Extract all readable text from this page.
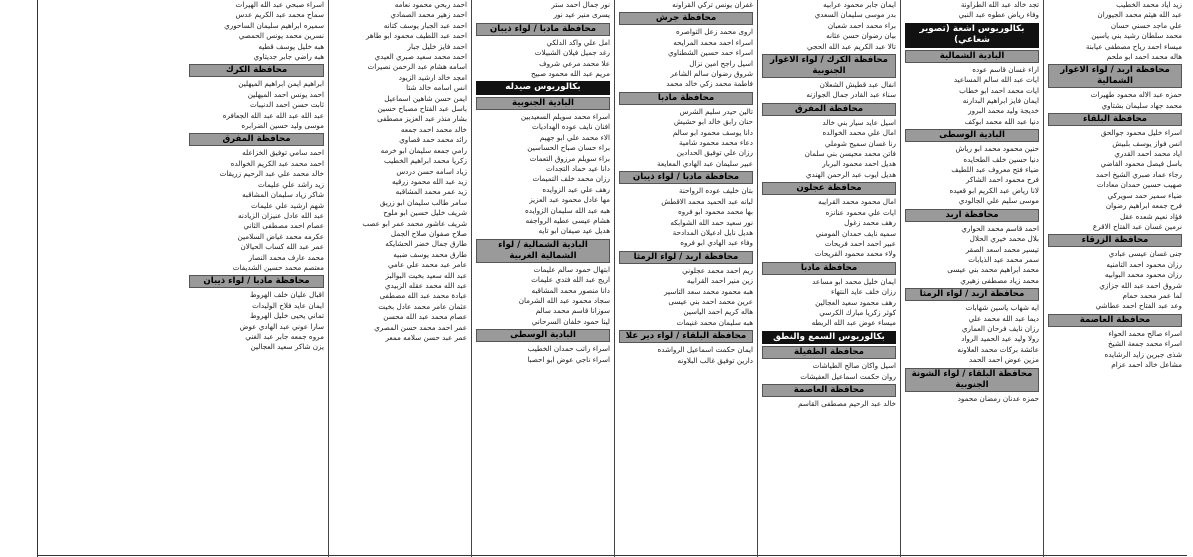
زيد اياد محمد الخطيب
عبد الله هيثم محمد الجيوران
علي ماجد حسني حسان
محمد سلطان رشيد بني ياسين
ميساء احمد رياح مصطفى عيابنة
هاله محمد احمد ابو ملحم
محافظة اربد / لواء الاغوار الشمالية
حمزه عبد الاله محمود طهيرات
محمد جهاد سليمان بشتاوي
محافظة البلقاء
اسراء خليل محمود جوالحق
انس فواز يوسف بلبيش
اياد محمد احمد القدري
باسل فيصل محمود القاضي
رجاء عماد صبري الشيخ احمد
صهيب حسين حمدان معادات
ضياء سمير حمد سويركي
فرح جمعه ابراهيم رضوان
فؤاد نعيم شعده عقل
نرمين غسان عبد الفتاح الاقرع
محافظة الزرقاء
جنى غسان عيسى عبادي
رزان محمود احمد التامنيه
رزان محمود محمد البوابيه
شروق احمد عبد الله جزازي
لما عمر محمد حمام
وعد عبد الفتاح احمد عطاشي
محافظة العاصمة
اسراء صالح محمد الحواء
اسراء محمد جمعة الشيخ
شذى جبرين زايد الرشايده
مشاعل خالد احمد عزام
تجد خالد عبد الله الطراونة
وفاء رياض عطوه عبد النبي
بكالوريوس اشعة (تصوير شعاعي)
البادية الشمالية
اراء غسان قاسم عوده
ايات عبد الله سالم المساعيد
ايات محمد احمد ابو خطاب
ايمان فايز ابراهيم البدارنه
خديجة وليد محمد البرور
دنيا عبد الله محمد ابوكف
البادية الوسطى
حنين محمود محمد ابو رياش
دنيا حسين خلف الطحايده
ضياء فتح معروف عبد اللطيف
فرح محمود احمد الشاكر
لانا رياض عبد الكريم ابو قعيده
موسى سليم علي الجالودي
محافظة اربد
احمد قاسم محمد الحواري
بلال محمد خيري الحلال
تيسير محمد اسعد الصقر
سمر محمد عيد الذيابات
محمد ابراهيم محمد بني عيسى
محمد زياد مصطفى زهيري
محافظة اربد / لواء الرمثا
ايه شهاب ياسين شهابات
ديما عبد الله محمد علي
رزان نايف فرحان العماري
رولا وليد عيد الحميد الرواد
عائشة بركات محمد العلاونه
مزين عوض احمد الحمد
محافظة البلقاء / لواء الشونة الجنوبية
حمزه عدنان رمضان محمود
ايمان جابر محمود عرابيه
بدر موسى سليمان السعدي
براء محمد احمد شعبان
بيان رضوان حسن عثانه
تالا عبد الكريم عبد الله الحجي
محافظة الكرك / لواء الاغوار الجنوبية
انفال عبد قطيش الشعلان
سناء عبد القادر جمال الجوازنه
محافظة المفرق
اسيل عايد سيار بني خالد
امال علي محمد الخوالده
رنا غسان سميح شوملي
فاتن محمد محيسن بني سلمان
هديل احمد محمود البربار
هديل ايوب عبد الرحمن الهندي
محافظة عجلون
امال محمود محمد القرايبه
ايات علي محمود عنانزه
رهف محمد زغول
سميه نايف حمدان المومني
عبير احمد احمد فريحات
ولاء محمد محمود القريحات
محافظة مادبا
ايمان خليل محمد ابو مساعد
رزان خلف عايد النتهاء
رهف محمود سعيد العجالين
كوثر زكريا مبارك الكرسي
ميساء عوض عبد الله الربطه
بكالوريوس السمع والنطق
محافظة الطفيلة
اسيل واكان صالح الطياشات
روان حكمت اسماعيل العفيشات
محافظة العاصمة
خالد عبد الرحيم مصطفى القاسم
غفران يونس تركي القراونه
محافظة جرش
اروى محمد زعل التواصره
اسراء احمد محمد المرايحه
اسراء حمد حسين الشطناوي
اسيل راجح امين نزال
شروق رضوان سالم الشاعر
فاطمة محمد زكي خالد محمد
محافظة مادبا
تالين حيدر سليم الشرس
حنان رابق خالد ابو حشيش
دانا يوسف محمود ابو سالم
دعاء محمد محمود شامية
رزان علي توفيق الحدادين
عبير سليمان عبد الهادي المعايعة
محافظة مادبا / لواء ذيبان
بتان خليف عوده الرواحنة
لبانه عبد الحميد محمد الاقطش
بها محمد محمود ابو فروه
نور سعيد حمد الله الشوابكه
هديل نايل ادعيلان المدادحة
وفاء عبد الهادي ابو فروه
محافظة اربد / لواء الرمثا
ريم احمد محمد عجلوني
زين منير احمد القرابيه
هبه محمود محمد سعد التاسير
عرين محمد احمد بني عيسى
هاله كريم احمد الياسين
هبه سليمان محمد غنيمات
محافظة البلقاء / لواء دير علا
ايمان حكمت اسماعيل الرواشده
دارين توفيق غالب البلاونه
نور جمال احمد ستر
يسرى منير عيد نور
محافظة مادبا / لواء ذيبان
امل علي واكد الدلكي
رغد جميل فيلان الشبيلات
علا محمد مرعي شروف
مريم عبد الله محمود صبيح
بكالوريوس صيدله
البادية الجنوبية
اسراء محمد سويلم السعيديين
افنان نايف عوده الهداديات
الاء محمد علي ابو جهيم
براء حسان صباح الحساسين
براء سويلم مرزوق التعمات
دانا عيد حماد التجدات
رزان محمد خلف التميمات
رهف علي عيد الزوايده
مها عادل محمود عبد العزيز
هبه عبد الله سليمان الزوايده
هشام عيسى عطيه الرواجفه
هديل عيد صيفان ابو تايه
البادية الشمالية / لواء الشمالية الغربية
ابتهال حمود سالم عليمات
اريج عبد الله فتدي عليمات
دانا منصور محمد المشاقبه
سجاد محمود عبد الله الشرمان
سوزانا قاسم محمد سالم
لينا حمود خلفان السرحاني
البادية الوسطى
اسراء راتب حمدان الخطيب
اسراء ناجي عوض ابو احصبا
احمد ربحي محمود نعامه
احمد زهير محمد الصمادي
احمد عبد الجبار يوسف كتانه
احمد عبد اللطيف محمود ابو طاهر
احمد فايز خليل جبار
احمد محمد سعيد صبري العيدي
اسامه هشام عبد الرحمن نصيرات
امجد خالد ارشيد الزيود
انس اسامه خالد شتا
ايمن حسن شاهين اسماعيل
باسل عبد الفتاح مصباح حسين
بشار منذر عبد العزيز مصطفى
خالد محمد احمد جمعه
رائد محمد حمد قصاوي
رامي جمعه سليمان ابو خرمه
زكريا محمد ابراهيم الخطيب
زياد اسامه حسن دردس
زيد عبد الله محمود زرقيه
زيد عمر محمد المشاقبه
سامر طالب سليمان ابو زريق
شريف خليل حسين ابو ملوح
شريف عاشور محمد عمر ابو عصب
صلاح صفوان صلاح الجمل
طارق جمال خضر الحشايكه
طارق محمد يوسف ضبيه
عامر عبد محمد علي عامي
عبد الله سعيد بخيت البوالبز
عبد الله محمد عقله الزبيدي
عبادة محمد عبد الله مصطفى
عثمان عامر محمد عادل بخيت
عصام محمد عبد الله محسن
عمر احمد محمد حسن المصري
عمر عبد حسن سلامه ممعر
اسراء صبحي عبد الله الهيرات
سماح محمد عبد الكريم عدس
سميره ابراهيم سليمان الساحوري
نسرين محمد يونس الحمصي
هبه خليل يوسف قطيه
هبه راضي جابر جديتاوي
محافظة الكرك
ابراهيم ايمن ابراهيم الميهلين
احمد يونس احمد الميهلين
ثابت حسن احمد الدنيبات
عبد الله عبد الله عبد الله الجعافره
موسى وليد حسين الضرابره
محافظة المفرق
احمد سامي توفيق الخزاعله
احمد محمد عبد الكريم الخوالده
خالد محمد علي عبد الرحيم زريقات
زيد راشد علي عليمات
شاكر زياد سليمان المشاقبه
شهم ارشيد علي عليمات
عبد الله عادل عنيزان الزيادنه
عصام احمد مصطفى الثاني
عكرمه محمد غياض السلامين
عمر عبد الله كساب الحيالان
محمد عارف محمد النصار
معتصم محمد حسين الشديفات
محافظة مادبا / لواء ذيبان
اقبال عليان خلف الهروط
ايمان عايد فلاح الوليدات
تماني يحيى خليل الهروط
سارا عوني عبد الهادي عوض
مروه جمعه جابر عبد الغني
يزن شاكر سعيد العجالين
